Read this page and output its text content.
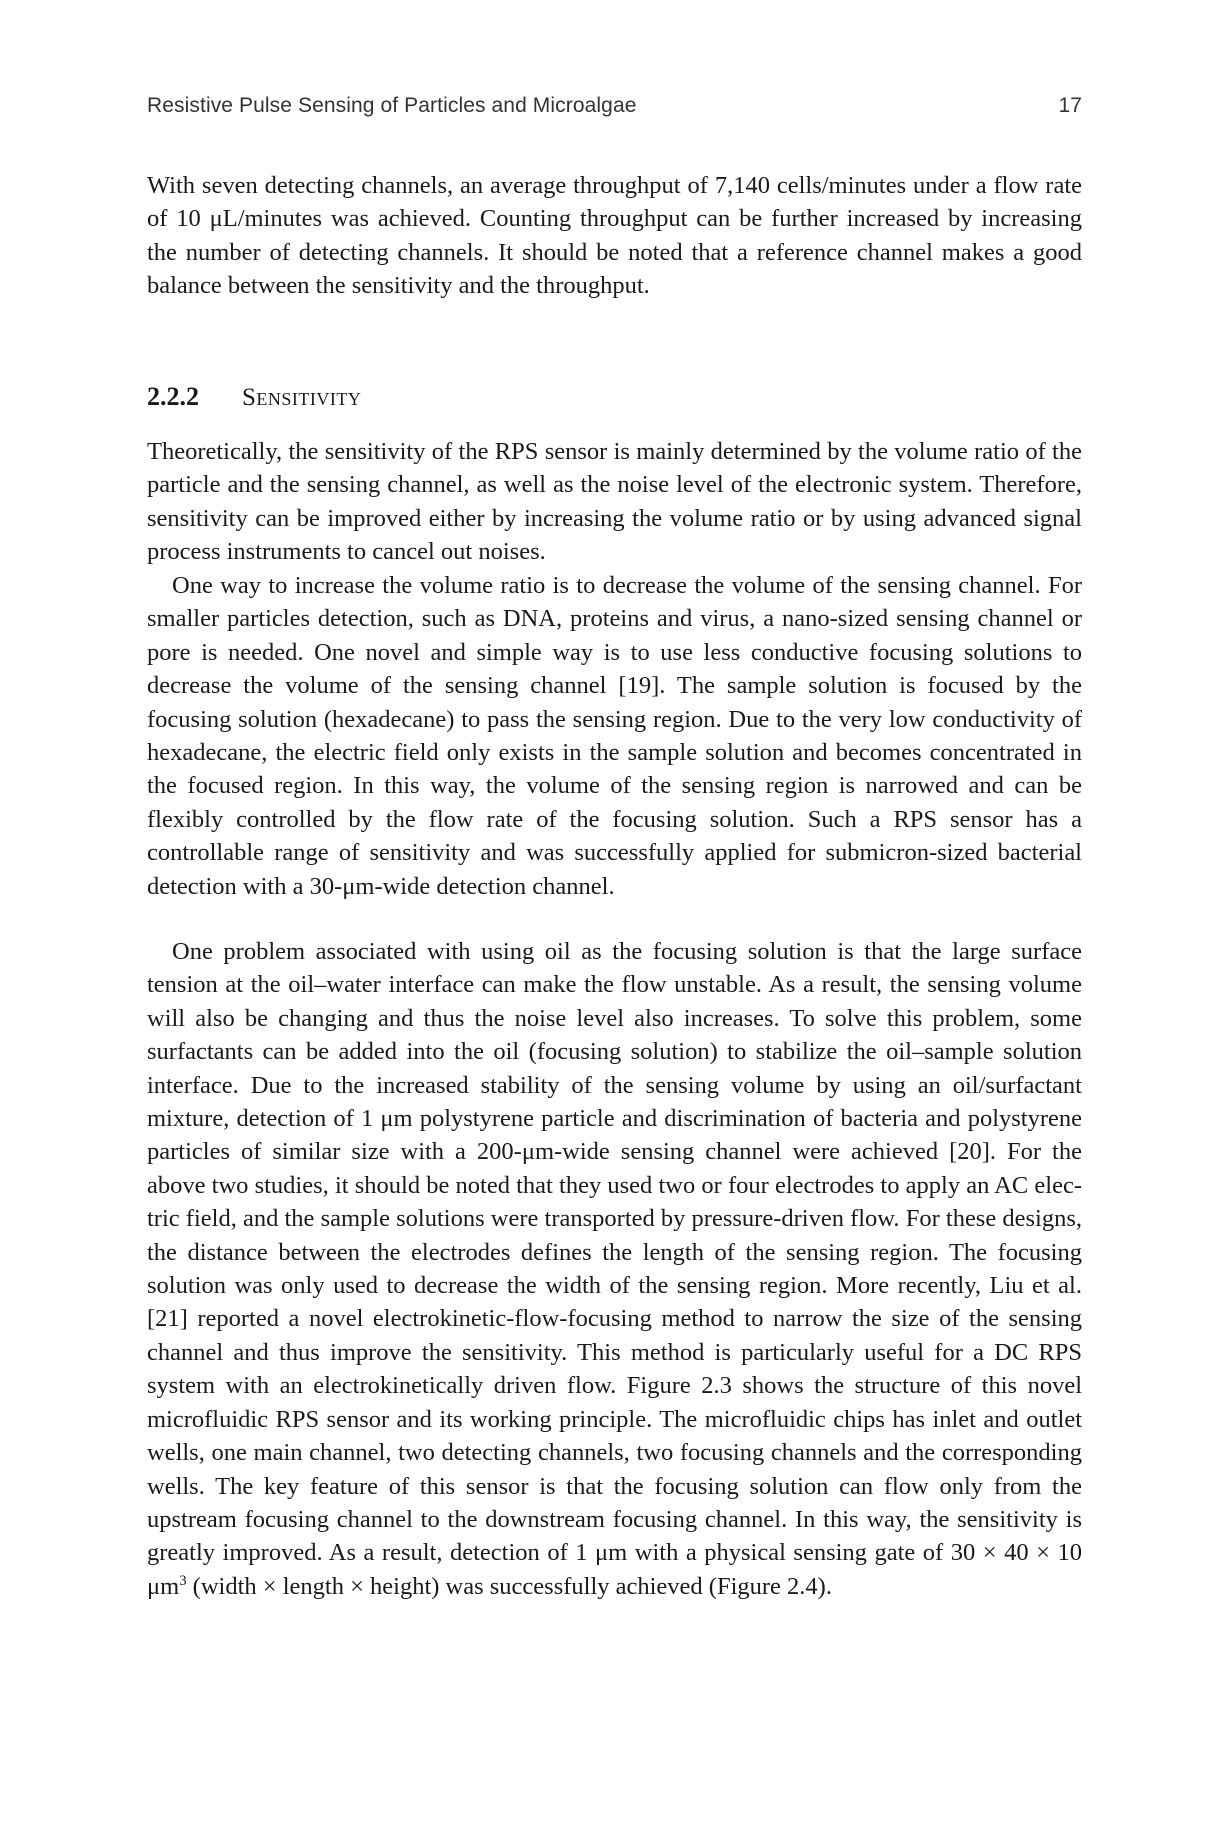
Resistive Pulse Sensing of Particles and Microalgae	17

With seven detecting channels, an average throughput of 7,140 cells/minutes under a flow rate of 10 μL/minutes was achieved. Counting throughput can be further increased by increasing the number of detecting channels. It should be noted that a reference channel makes a good balance between the sensitivity and the throughput.

2.2.2 Sensitivity

Theoretically, the sensitivity of the RPS sensor is mainly determined by the volume ratio of the particle and the sensing channel, as well as the noise level of the electronic system. Therefore, sensitivity can be improved either by increasing the volume ratio or by using advanced signal process instruments to cancel out noises.

One way to increase the volume ratio is to decrease the volume of the sensing channel. For smaller particles detection, such as DNA, proteins and virus, a nano-sized sensing channel or pore is needed. One novel and simple way is to use less conductive focusing solutions to decrease the volume of the sensing channel [19]. The sample solution is focused by the focusing solution (hexadecane) to pass the sensing region. Due to the very low conductivity of hexadecane, the electric field only exists in the sample solution and becomes concentrated in the focused region. In this way, the volume of the sensing region is narrowed and can be flexibly controlled by the flow rate of the focusing solution. Such a RPS sensor has a controllable range of sensitivity and was successfully applied for submicron-sized bacterial detection with a 30-μm-wide detection channel.

One problem associated with using oil as the focusing solution is that the large surface tension at the oil–water interface can make the flow unstable. As a result, the sensing volume will also be changing and thus the noise level also increases. To solve this problem, some surfactants can be added into the oil (focusing solution) to stabilize the oil–sample solution interface. Due to the increased stability of the sensing volume by using an oil/surfactant mixture, detection of 1 μm polystyrene particle and discrimination of bacteria and polystyrene particles of similar size with a 200-μm-wide sensing channel were achieved [20]. For the above two studies, it should be noted that they used two or four electrodes to apply an AC electric field, and the sample solutions were transported by pressure-driven flow. For these designs, the distance between the electrodes defines the length of the sensing region. The focusing solution was only used to decrease the width of the sensing region. More recently, Liu et al. [21] reported a novel electrokinetic-flow-focusing method to narrow the size of the sensing channel and thus improve the sensitivity. This method is particularly useful for a DC RPS system with an electrokinetically driven flow. Figure 2.3 shows the structure of this novel microfluidic RPS sensor and its working principle. The microfluidic chips has inlet and outlet wells, one main channel, two detecting channels, two focusing channels and the corresponding wells. The key feature of this sensor is that the focusing solution can flow only from the upstream focusing channel to the downstream focusing channel. In this way, the sensitivity is greatly improved. As a result, detection of 1 μm with a physical sensing gate of 30 × 40 × 10 $\mu m^3$ (width × length × height) was successfully achieved (Figure 2.4).
